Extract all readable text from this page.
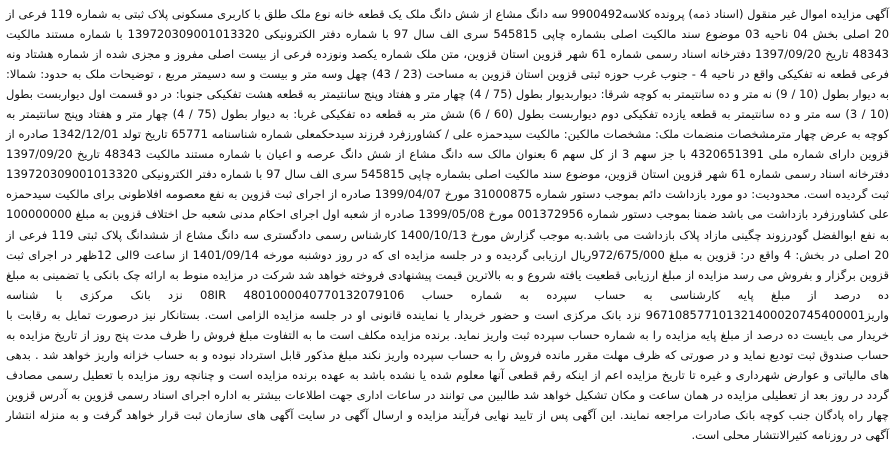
آگهی مزایده اموال غیر منقول (اسناد ذمه) پرونده کلاسه9900492 سه دانگ مشاع از شش دانگ ملک یک قطعه خانه نوع ملک طلق با کاربری مسکونی پلاک ثبتی به شماره 119 فرعی از 20 اصلی بخش 04 ناحیه 03 موضوع سند مالکیت اصلی بشماره چاپی 545815 سری الف سال 97 با شماره دفتر الکترونیکی 139720309001013320 با شماره مستند مالکیت 48343 تاریخ 1397/09/20 دفترخانه اسناد رسمی شماره 61 شهر قزوین استان قزوین، متن ملک شماره یکصد ونوزده فرعی از بیست اصلی مفروز و مجزی شده از شماره هشتاد ونه فرعی قطعه نه تفکیکی واقع در ناحیه 4 - جنوب غرب حوزه ثبتی قزوین استان قزوین به مساحت (23 / 43) چهل وسه متر و بیست و سه دسیمتر مربع ، توضیحات ملک به حدود: شمالا: به دیوار بطول (10 / 9) نه متر و ده سانتیمتر به کوچه شرقا: دیواربدیوار بطول (75 / 4) چهار متر و هفتاد وپنج سانتیمتر به قطعه هشت تفکیکی جنوبا: در دو قسمت اول دیواربست بطول (10 / 3) سه متر و ده سانتیمتر به قطعه یازده تفکیکی دوم دیواربست بطول (60 / 6) شش متر به قطعه ده تفکیکی غربا: به دیوار بطول (75 / 4) چهار متر و هفتاد وپنج سانتیمتر به کوچه به عرض چهار مترمشخصات منضمات ملک: مشخصات مالکین: مالکیت سیدحمزه علی / کشاورزفرد فرزند سیدحکمعلی شماره شناسنامه 65771 تاریخ تولد 1342/12/01 صادره از قزوین دارای شماره ملی 4320651391 با جز سهم 3 از کل سهم 6 بعنوان مالک سه دانگ مشاع از شش دانگ عرصه و اعیان با شماره مستند مالکیت 48343 تاریخ 1397/09/20 دفترخانه اسناد رسمی شماره 61 شهر قزوین استان قزوین، موضوع سند مالکیت اصلی بشماره چاپی 545815 سری الف سال 97 با شماره دفتر الکترونیکی 139720309001013320 ثبت گردیده است. محدودیت: دو مورد بازداشت دائم بموجب دستور شماره 31000875 مورخ 1399/04/07 صادره از اجرای ثبت قزوین به نفع معصومه افلاطونی برای مالکیت سیدحمزه علی کشاورزفرد بازداشت می باشد ضمنا بموجب دستور شماره 001372956 مورخ 1399/05/08 صادره از شعبه اول اجرای احکام مدنی شعبه حل اختلاف قزوین به مبلغ 100000000 به نفع ابوالفضل گودرزوند چگینی مازاد پلاک بازداشت می باشد.به موجب گزارش مورخ 1400/10/13 کارشناس رسمی دادگستری سه دانگ مشاع از ششدانگ پلاک ثبتی 119 فرعی از 20 اصلی در بخش: 4 واقع در: قزوین به مبلغ 972/675/000ریال ارزیابی گردیده و در جلسه مزایده ای که در روز دوشنبه مورخه 1401/09/14 از ساعت 9الی 12ظهر در اجرای ثبت قزوین برگزار و بفروش می رسد مزایده از مبلغ ارزیابی قطعیت یافته شروع و به بالاترین قیمت پیشنهادی فروخته خواهد شد شرکت در مزایده منوط به ارائه چک بانکی یا تضمینی به مبلغ ده درصد از مبلغ پایه کارشناسی به حساب سپرده به شماره حساب 4801000040770132079106 08IR نزد بانک مرکزی با شناسه واریز967108577101321400020745400001 نزد بانک مرکزی است و حضور خریدار یا نماینده قانونی او در جلسه مزایده الزامی است. بستانکار نیز درصورت تمایل به رقابت با خریدار می بایست ده درصد از مبلغ پایه مزایده را به شماره حساب سپرده ثبت واریز نماید. برنده مزایده مکلف است ما به التفاوت مبلغ فروش را ظرف مدت پنج روز از تاریخ مزایده به حساب صندوق ثبت تودیع نماید و در صورتی که ظرف مهلت مقرر مانده فروش را به حساب سپرده واریز نکند مبلغ مذکور قابل استرداد نبوده و به حساب خزانه واریز خواهد شد . بدهی های مالیاتی و عوارض شهرداری و غیره تا تاریخ مزایده اعم از اینکه رقم قطعی آنها معلوم شده یا نشده باشد به عهده برنده مزایده است و چنانچه روز مزایده با تعطیل رسمی مصادف گردد در روز بعد از تعطیلی مزایده در همان ساعت و مکان تشکیل خواهد شد طالبین می توانند در ساعات اداری جهت اطلاعات بیشتر به اداره اجرای اسناد رسمی قزوین به آدرس قزوین چهار راه پادگان جنب کوچه بانک صادرات مراجعه نمایند. این آگهی پس از تایید نهایی فرآیند مزایده و ارسال آگهی در سایت آگهی های سازمان ثبت قرار خواهد گرفت و به منزله انتشار آگهی در روزنامه کثیرالانتشار محلی است.
